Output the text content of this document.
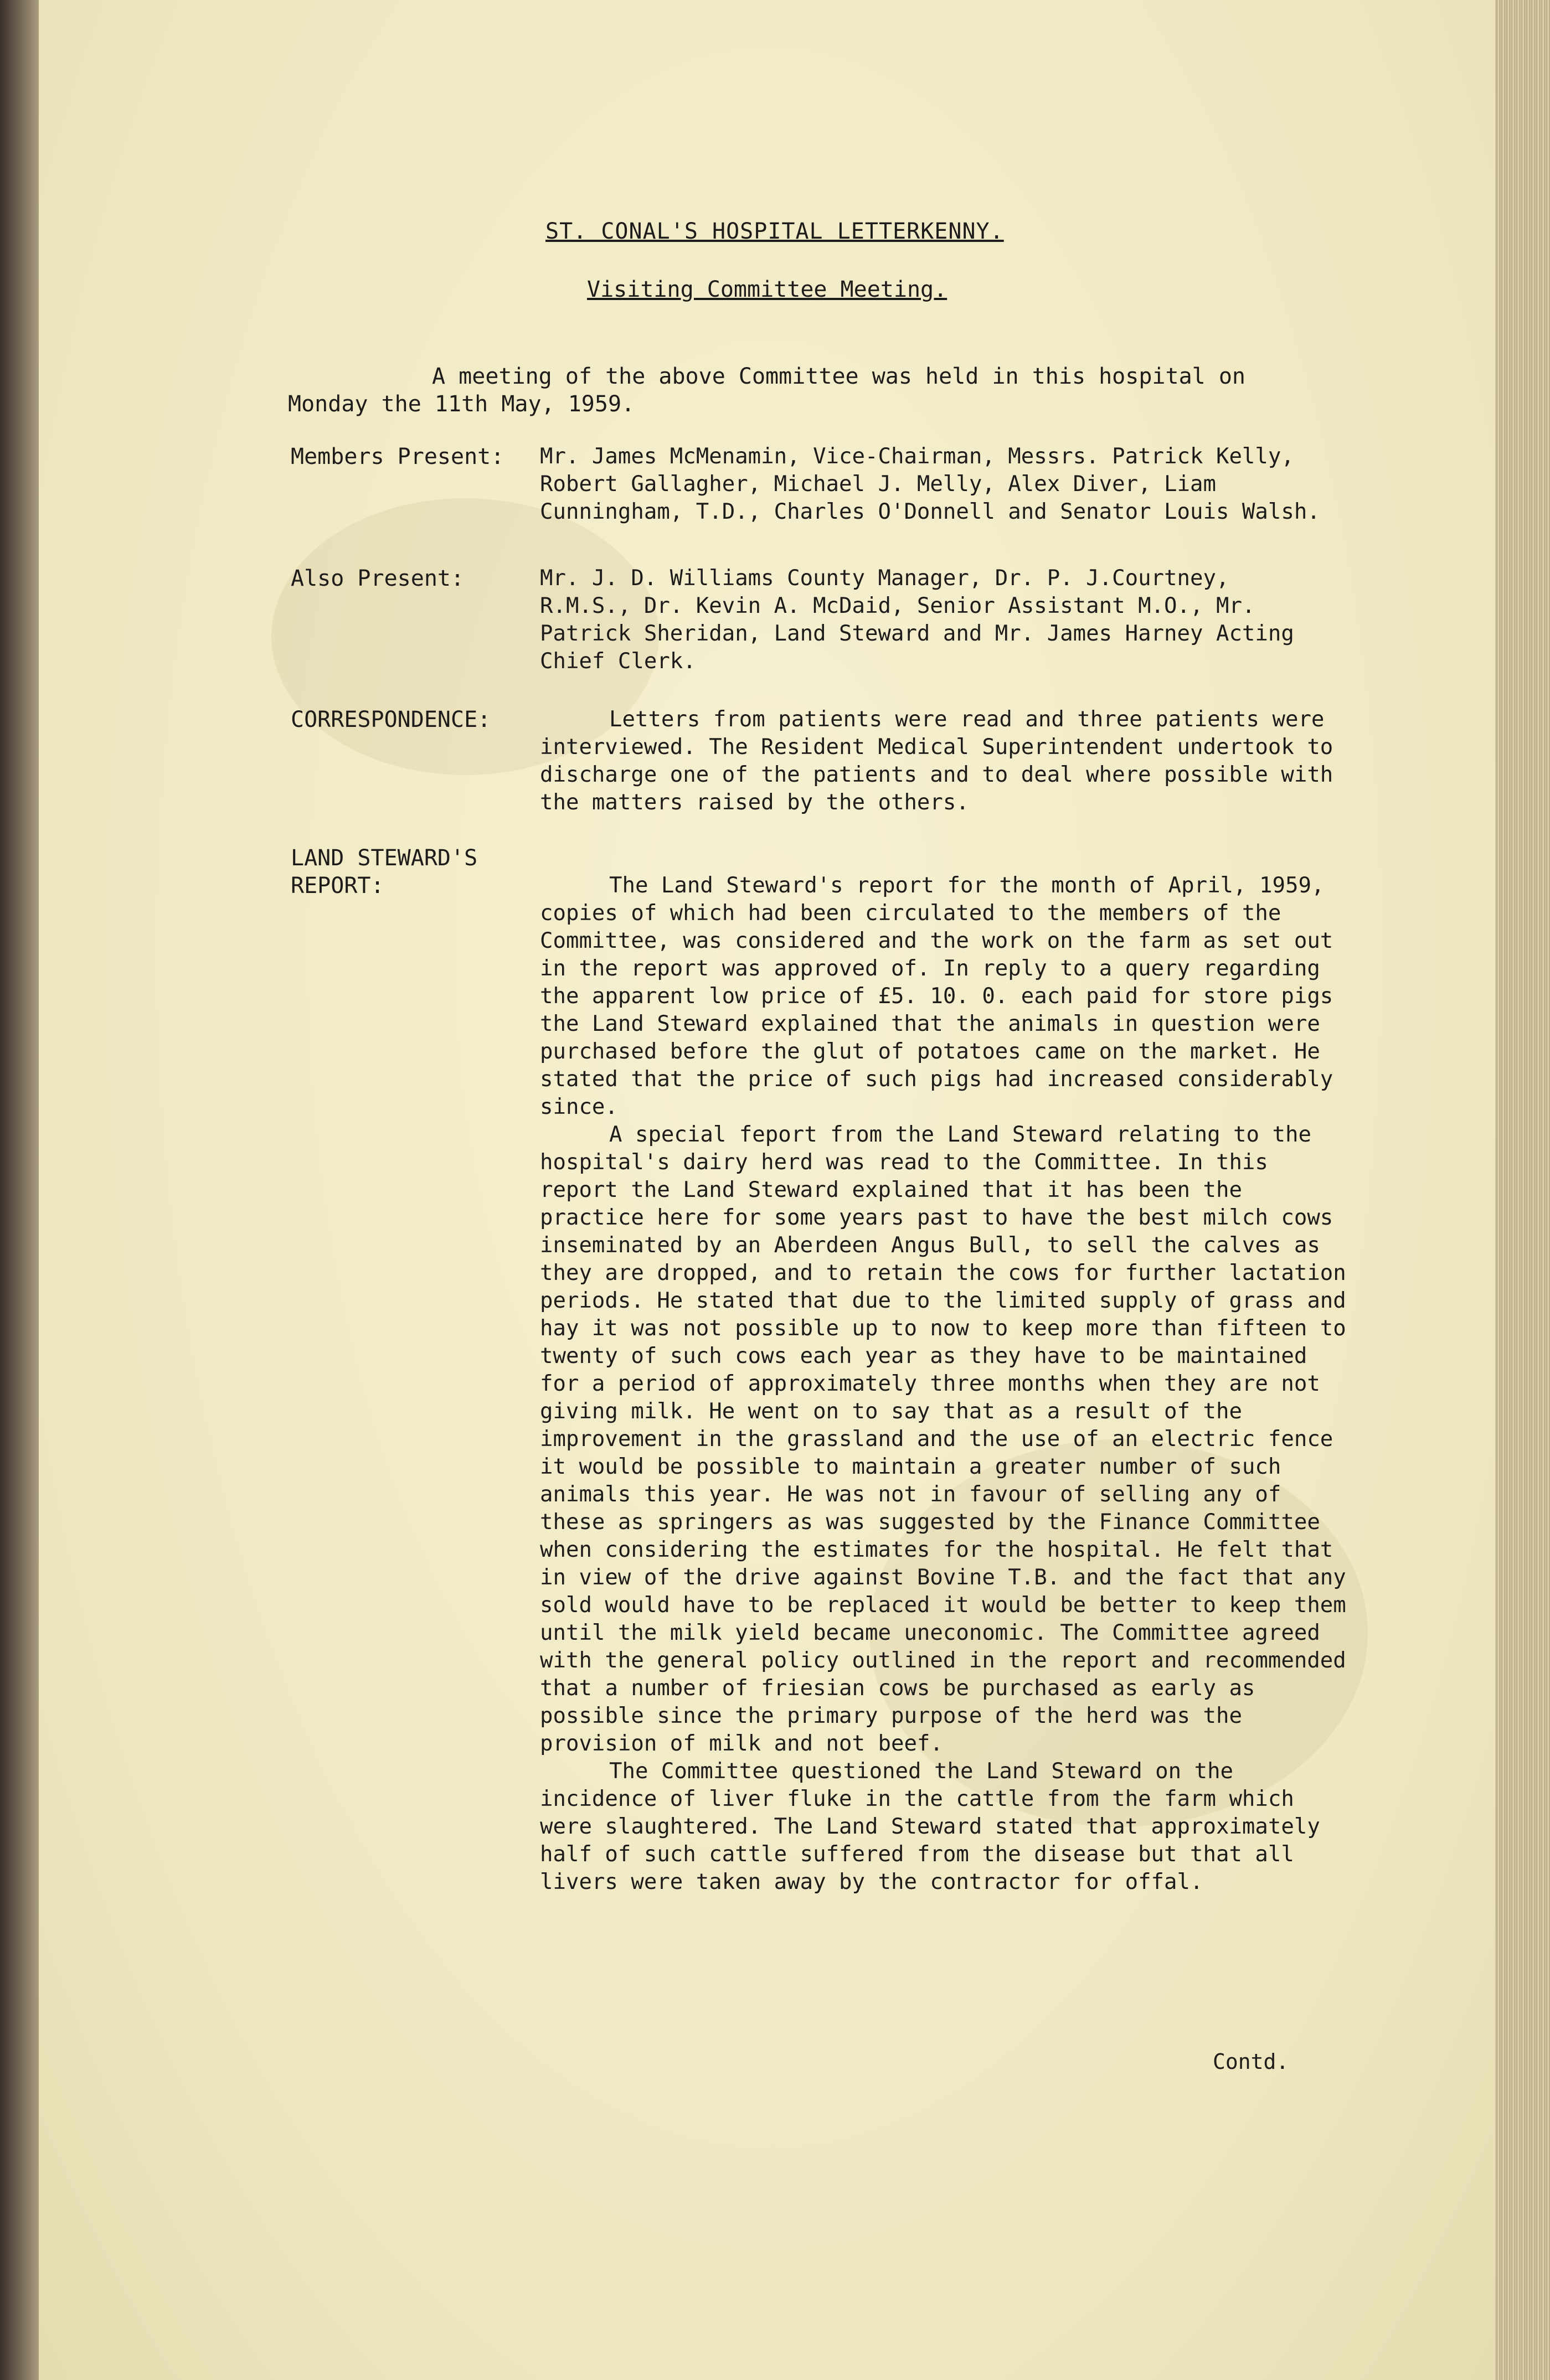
ST. CONAL'S HOSPITAL LETTERKENNY.
Visiting Committee Meeting.
A meeting of the above Committee was held in this hospital on Monday the 11th May, 1959.
Members Present: Mr. James McMenamin, Vice-Chairman, Messrs. Patrick Kelly, Robert Gallagher, Michael J. Melly, Alex Diver, Liam Cunningham, T.D., Charles O'Donnell and Senator Louis Walsh.

Also Present:	Mr. J. D. Williams County Manager, Dr. P. J.Courtney, R.M.S., Dr. Kevin A. McDaid, Senior Assistant M.O., Mr. Patrick Sheridan, Land Steward and Mr. James Harney Acting Chief Clerk.

CORRESPONDENCE:	Letters from patients were read and three patients were interviewed. The Resident Medical Superintendent undertook to discharge one of the patients and to deal where possible with the matters raised by the others.

LAND STEWARD'S REPORT:	The Land Steward's report for the month of April, 1959, copies of which had been circulated to the members of the Committee, was considered and the work on the farm as set out in the report was approved of. In reply to a query regarding the apparent low price of £5. 10. 0. each paid for store pigs the Land Steward explained that the animals in question were purchased before the glut of potatoes came on the market. He stated that the price of such pigs had increased considerably since.

A special feport from the Land Steward relating to the hospital's dairy herd was read to the Committee. In this report the Land Steward explained that it has been the practice here for some years past to have the best milch cows inseminated by an Aberdeen Angus Bull, to sell the calves as they are dropped, and to retain the cows for further lactation periods. He stated that due to the limited supply of grass and hay it was not possible up to now to keep more than fifteen to twenty of such cows each year as they have to be maintained for a period of approximately three months when they are not giving milk. He went on to say that as a result of the improvement in the grassland and the use of an electric fence it would be possible to maintain a greater number of such animals this year. He was not in favour of selling any of these as springers as was suggested by the Finance Committee when considering the estimates for the hospital. He felt that in view of the drive against Bovine T.B. and the fact that any sold would have to be replaced it would be better to keep them until the milk yield became uneconomic. The Committee agreed with the general policy outlined in the report and recommended that a number of friesian cows be purchased as early as possible since the primary purpose of the herd was the provision of milk and not beef.

The Committee questioned the Land Steward on the incidence of liver fluke in the cattle from the farm which were slaughtered. The Land Steward stated that approximately half of such cattle suffered from the disease but that all livers were taken away by the contractor for offal.

Contd.
